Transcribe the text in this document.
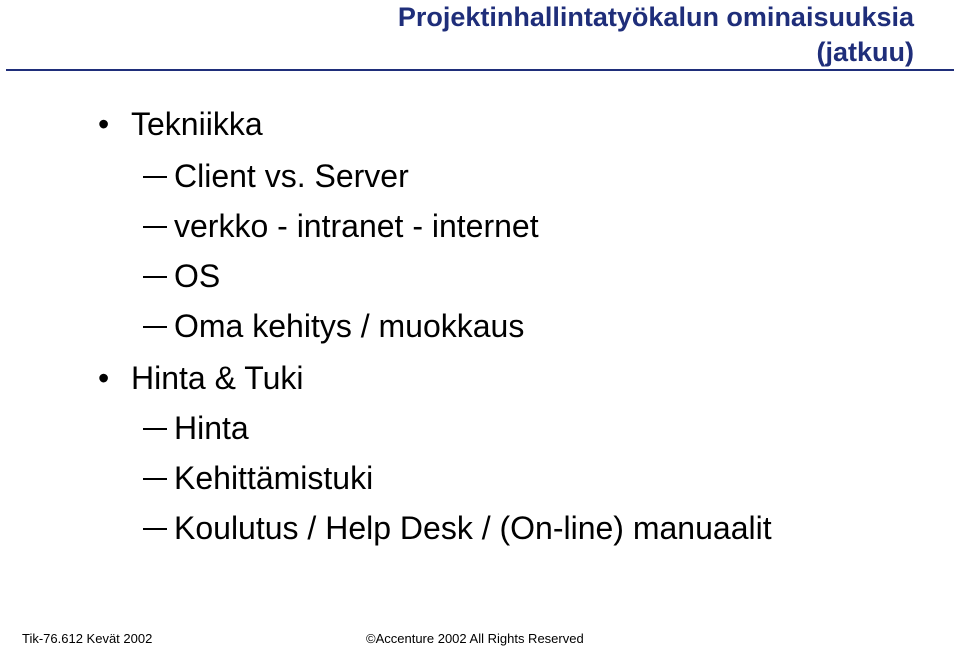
Projektinhallintatyökalun ominaisuuksia
(jatkuu)
• Tekniikka
Client vs. Server
verkko - intranet - internet
OS
Oma kehitys / muokkaus
• Hinta & Tuki
Hinta
Kehittämistuki
Koulutus / Help Desk / (On-line) manuaalit
Tik-76.612 Kevät 2002	©Accenture 2002 All Rights Reserved
